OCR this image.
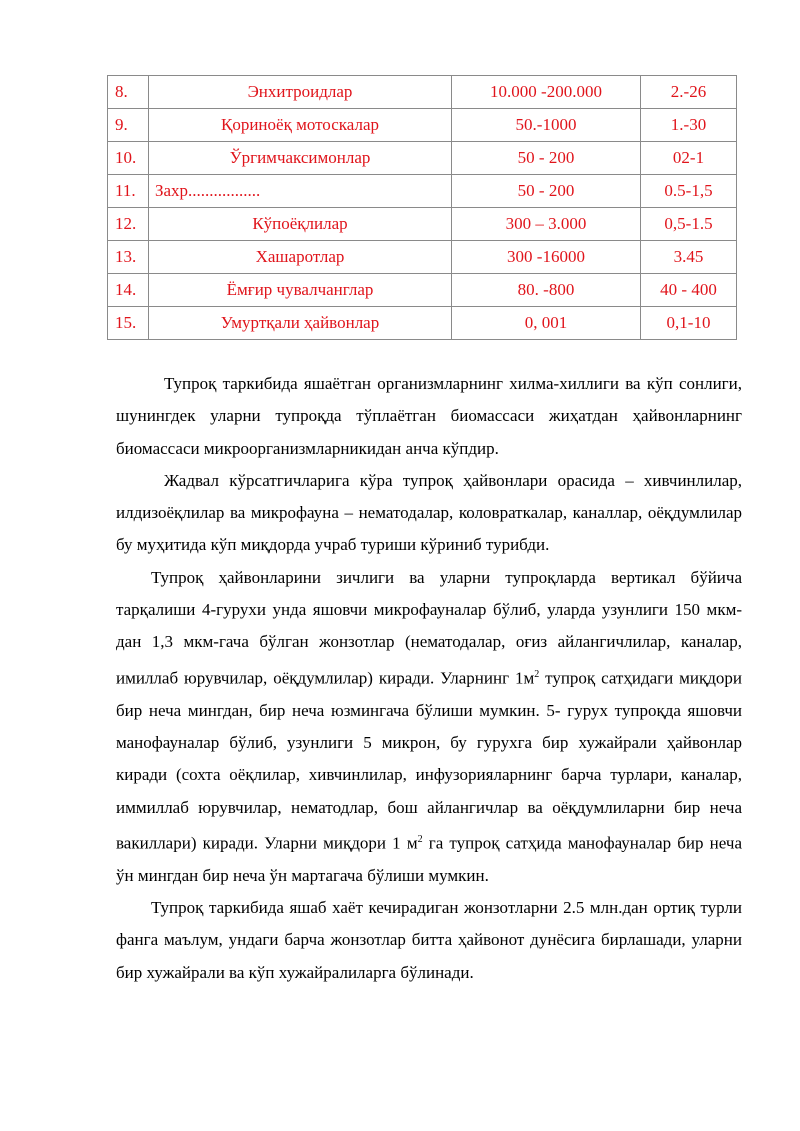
8.	Энхитроидлар	10.000 -200.000	2.-26
9.	Қориноёқ мотоскалар	50.-1000	1.-30
10.	Ўргимчаксимонлар	50 - 200	02-1
11.	Захр.................	50 - 200	0.5-1,5
12.	Кўпоёқлилар	300 – 3.000	0,5-1.5
13.	Хашаротлар	300 -16000	3.45
14.	Ёмғир чувалчанглар	80. -800	40 - 400
15.	Умуртқали ҳайвонлар	0, 001	0,1-10

Тупроқ таркибида яшаётган организмларнинг хилма-хиллиги ва кўп сонлиги, шунингдек уларни тупроқда тўплаётган биомассаси жиҳатдан ҳайвонларнинг биомассаси микроорганизмларникидан анча кўпдир.

Жадвал кўрсатгичларига кўра тупроқ ҳайвонлари орасида – хивчинлилар, илдизоёқлилар ва микрофауна – нематодалар, коловраткалар, каналлар, оёқдумлилар бу муҳитида кўп миқдорда учраб туриши кўриниб турибди.

Тупроқ ҳайвонларини зичлиги ва уларни тупроқларда вертикал бўйича тарқалиши 4-гурухи унда яшовчи микрофауналар бўлиб, уларда узунлиги 150 мкм-дан 1,3 мкм-гача бўлган жонзотлар (нематодалар, оғиз айлангичлилар, каналар, имиллаб юрувчилар, оёқдумлилар) киради. Уларнинг $1м^2$ тупроқ сатҳидаги миқдори бир неча мингдан, бир неча юзмингача бўлиши мумкин. 5- гурух тупроқда яшовчи манофауналар бўлиб, узунлиги 5 микрон, бу гурухга бир хужайрали ҳайвонлар киради (сохта оёқлилар, хивчинлилар, инфузорияларнинг барча турлари, каналар, иммиллаб юрувчилар, нематодлар, бош айлангичлар ва оёқдумлиларни бир неча вакиллари) киради. Уларни миқдори 1 $м^2$ га тупроқ сатҳида манофауналар бир неча ўн мингдан бир неча ўн мартагача бўлиши мумкин.

Тупроқ таркибида яшаб хаёт кечирадиган жонзотларни 2.5 млн.дан ортиқ турли фанга маълум, ундаги барча жонзотлар битта ҳайвонот дунёсига бирлашади, уларни бир хужайрали ва кўп хужайралиларга бўлинади.
